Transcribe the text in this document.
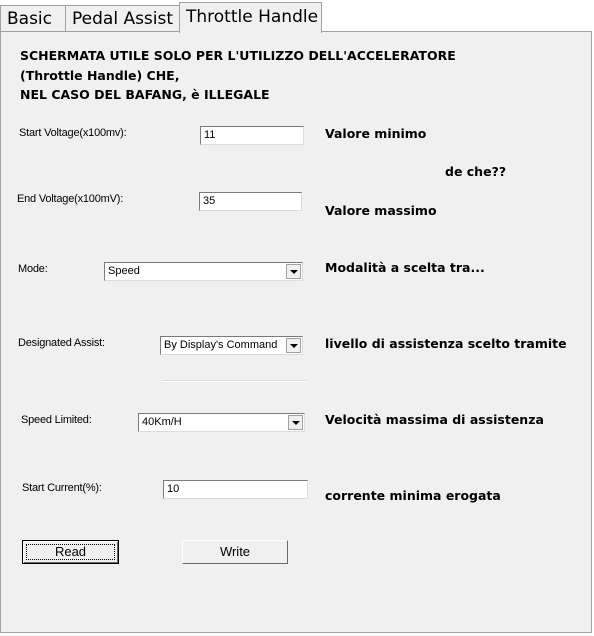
Basic	Pedal Assist Throttle Handle
SCHERMATA UTILE SOLO PER L'UTILIZZO DELL'ACCELERATORE
(Throttle Handle) CHE,
NEL CASO DEL BAFANG, è ILLEGALE
Valore minimo
de che??
Valore massimo
Modalità a scelta tra...
livello di assistenza scelto tramite
Velocità massima di assistenza
corrente minima erogata
Start Voltage(x100mv):	11
End Voltage(x100mV):	35
Mode:	Speed
Designated Assist:	By Display's Command
Speed Limited:	40Km/H
Start Current(%):	10
Read	Write
